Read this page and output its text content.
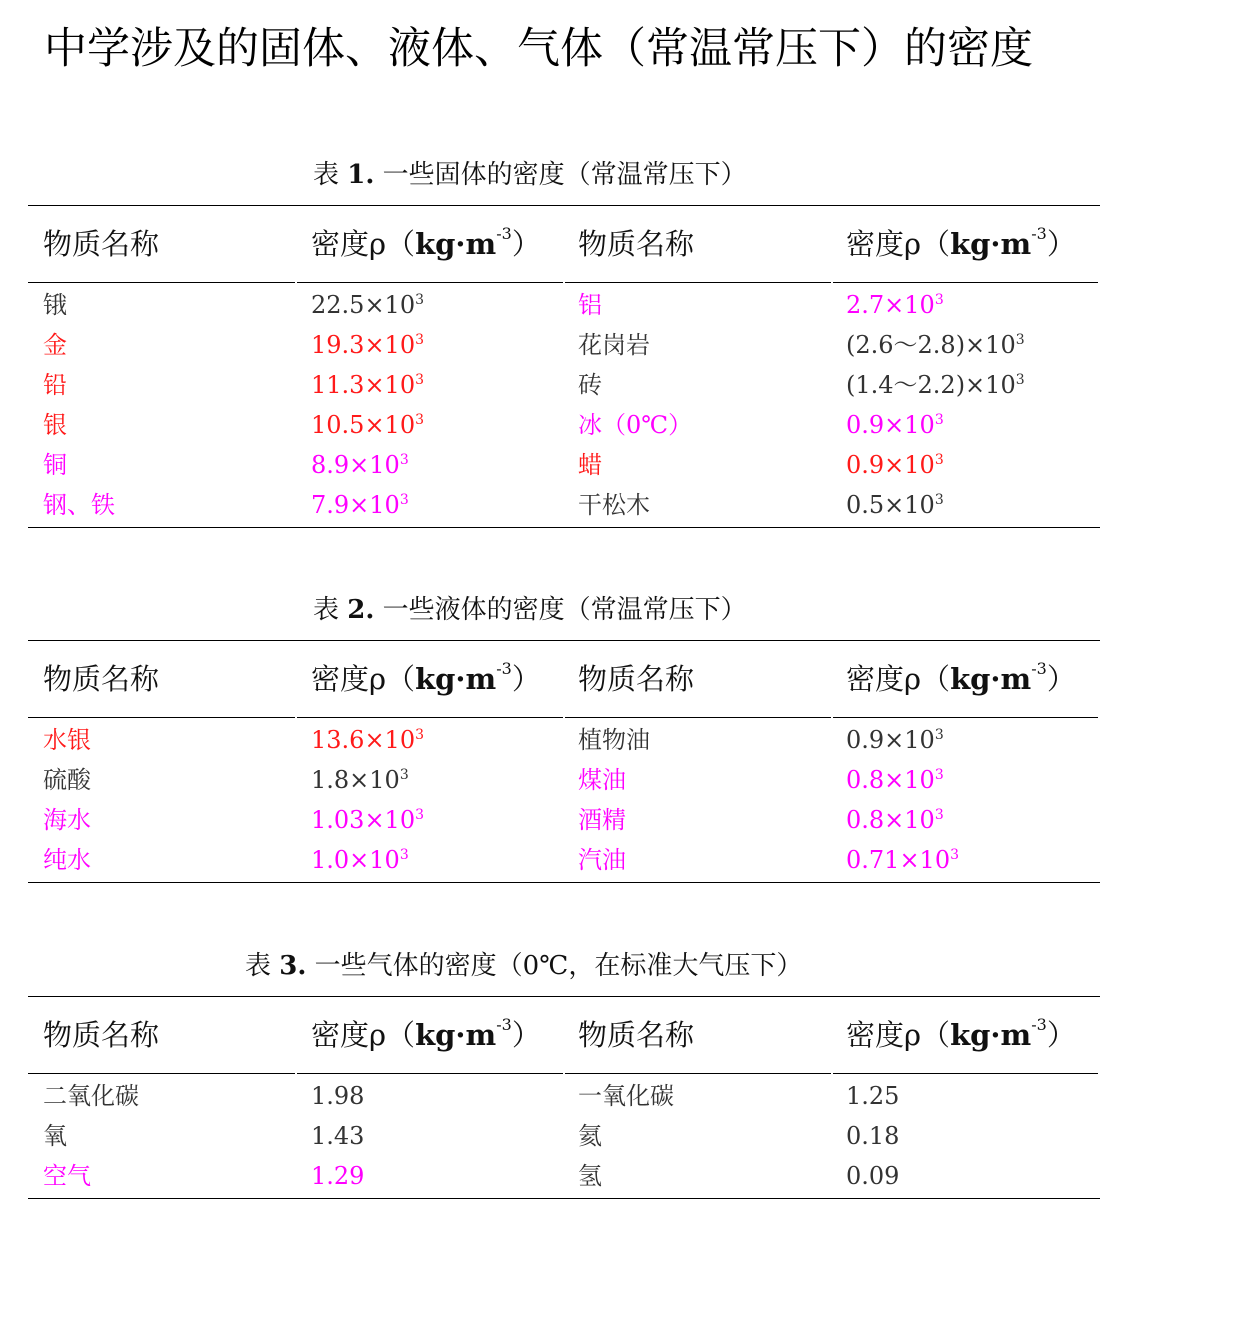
中学涉及的固体、液体、气体（常温常压下）的密度
表 1. 一些固体的密度（常温常压下）
物质名称	密度$\rho(kg\cdot m^{-3})$ 物质名称	密度$\rho(kg\cdot m^{-3})$
锇	$22.5\times 10^3$	铝	$2.7\times 10^3$
金	$19.3\times 10^3$	花岗岩	$(2.6\sim 2.8)\times 10^3$
铅	$11.3\times 10^3$	砖	$(1.4\sim 2.2)\times 10^3$
银	$10.5\times 10^3$	冰（0℃）	$0.9\times 10^3$
铜	$8.9\times 10^3$	蜡	$0.9\times 10^3$
钢、铁	$7.9\times 10^3$	干松木	$0.5\times 10^3$
表 2. 一些液体的密度（常温常压下）
物质名称	密度$\rho(kg\cdot m^{-3})$ 物质名称	密度$\rho(kg\cdot m^{-3})$
水银	$13.6\times 10^3$	植物油	$0.9\times 10^3$
硫酸	$1.8\times 10^3$	煤油	$0.8\times 10^3$
海水	$1.03\times 10^3$	酒精	$0.8\times 10^3$
纯水	$1.0\times 10^3$	汽油	$0.71\times 10^3$
表 3. 一些气体的密度（0℃，在标准大气压下）
物质名称	密度$\rho(kg\cdot m^{-3})$ 物质名称	密度$\rho(kg\cdot m^{-3})$
二氧化碳	1.98	一氧化碳	1.25
氧	1.43	氦	0.18
空气	1.29	氢	0.09
